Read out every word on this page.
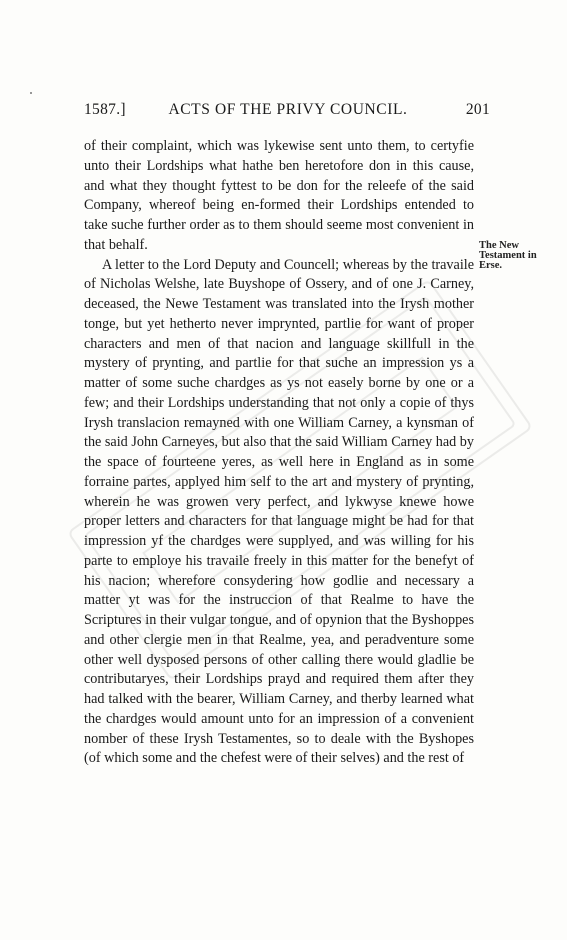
1587.]	ACTS OF THE PRIVY COUNCIL.	201

of their complaint, which was lykewise sent unto them, to certyfie unto their Lordships what hathe ben heretofore don in this cause, and what they thought fyttest to be don for the releefe of the said Company, whereof being en-formed their Lordships entended to take suche further order as to them should seeme most convenient in that behalf.

A letter to the Lord Deputy and Councell; whereas by the travaile of Nicholas Welshe, late Buyshope of Ossery, and of one J. Carney, deceased, the Newe Testament was translated into the Irysh mother tonge, but yet hetherto never imprynted, partlie for want of proper characters and men of that nacion and language skillfull in the mystery of prynting, and partlie for that suche an impression ys a matter of some suche chardges as ys not easely borne by one or a few; and their Lordships understanding that not only a copie of thys Irysh translacion remayned with one William Carney, a kynsman of the said John Carneyes, but also that the said William Carney had by the space of fourteene yeres, as well here in England as in some forraine partes, applyed him self to the art and mystery of prynting, wherein he was growen very perfect, and lykwyse knewe howe proper letters and characters for that language might be had for that impression yf the chardges were supplyed, and was willing for his parte to employe his travaile freely in this matter for the benefyt of his nacion; wherefore consydering how godlie and necessary a matter yt was for the instruccion of that Realme to have the Scriptures in their vulgar tongue, and of opynion that the Byshoppes and other clergie men in that Realme, yea, and peradventure some other well dysposed persons of other calling there would gladlie be contributaryes, their Lordships prayd and required them after they had talked with the bearer, William Carney, and therby learned what the chardges would amount unto for an impression of a convenient nomber of these Irysh Testamentes, so to deale with the Byshopes (of which some and the chefest were of their selves) and the rest of

The New Testament in Erse.
